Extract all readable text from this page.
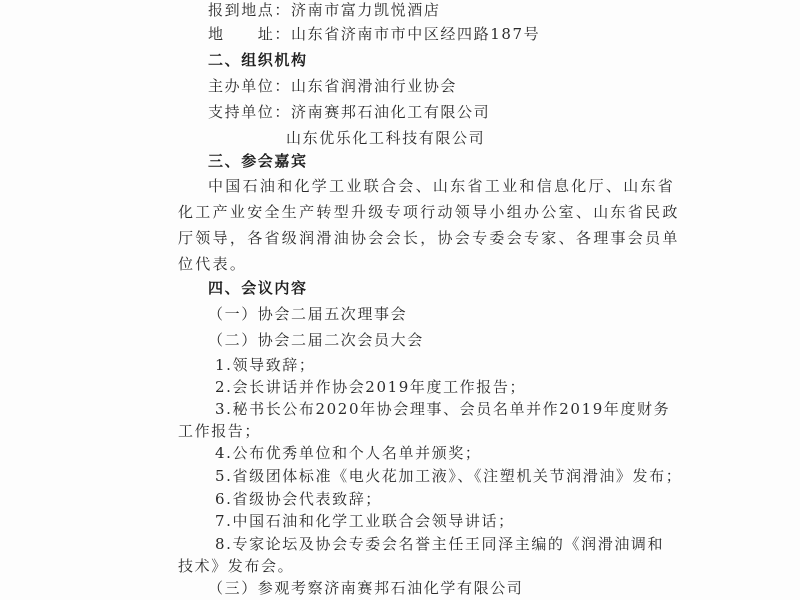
报到地点：济南市富力凯悦酒店
地　　址：山东省济南市市中区经四路187号
二、组织机构
主办单位：山东省润滑油行业协会
支持单位：济南赛邦石油化工有限公司
山东优乐化工科技有限公司
三、参会嘉宾
中国石油和化学工业联合会、山东省工业和信息化厅、山东省
化工产业安全生产转型升级专项行动领导小组办公室、山东省民政
厅领导，各省级润滑油协会会长，协会专委会专家、各理事会员单
位代表。
四、会议内容
（一）协会二届五次理事会
（二）协会二届二次会员大会
1.领导致辞；
2.会长讲话并作协会2019年度工作报告；
3.秘书长公布2020年协会理事、会员名单并作2019年度财务
工作报告；
4.公布优秀单位和个人名单并颁奖；
5.省级团体标准《电火花加工液》、《注塑机关节润滑油》发布；
6.省级协会代表致辞；
7.中国石油和化学工业联合会领导讲话；
8.专家论坛及协会专委会名誉主任王同泽主编的《润滑油调和
技术》发布会。
（三）参观考察济南赛邦石油化学有限公司
